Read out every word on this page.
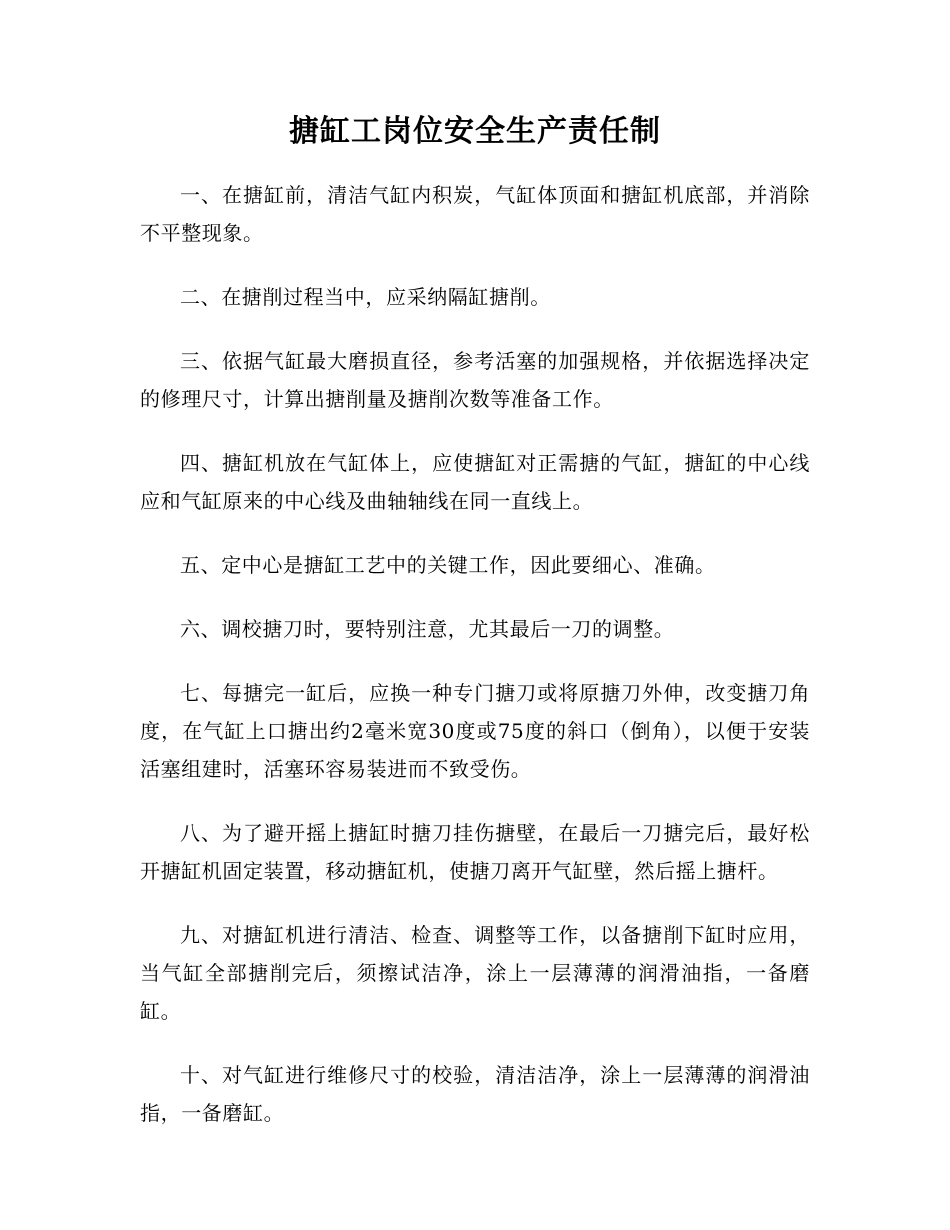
搪缸工岗位安全生产责任制

一、在搪缸前，清洁气缸内积炭，气缸体顶面和搪缸机底部，并消除不平整现象。

二、在搪削过程当中，应采纳隔缸搪削。

三、依据气缸最大磨损直径，参考活塞的加强规格，并依据选择决定的修理尺寸，计算出搪削量及搪削次数等准备工作。

四、搪缸机放在气缸体上，应使搪缸对正需搪的气缸，搪缸的中心线应和气缸原来的中心线及曲轴轴线在同一直线上。

五、定中心是搪缸工艺中的关键工作，因此要细心、准确。

六、调校搪刀时，要特别注意，尤其最后一刀的调整。

七、每搪完一缸后，应换一种专门搪刀或将原搪刀外伸，改变搪刀角度，在气缸上口搪出约2毫米宽30度或75度的斜口（倒角），以便于安装活塞组建时，活塞环容易装进而不致受伤。

八、为了避开摇上搪缸时搪刀挂伤搪壁，在最后一刀搪完后，最好松开搪缸机固定装置，移动搪缸机，使搪刀离开气缸壁，然后摇上搪杆。

九、对搪缸机进行清洁、检查、调整等工作，以备搪削下缸时应用，当气缸全部搪削完后，须擦试洁净，涂上一层薄薄的润滑油指，一备磨缸。

十、对气缸进行维修尺寸的校验，清洁洁净，涂上一层薄薄的润滑油指，一备磨缸。
